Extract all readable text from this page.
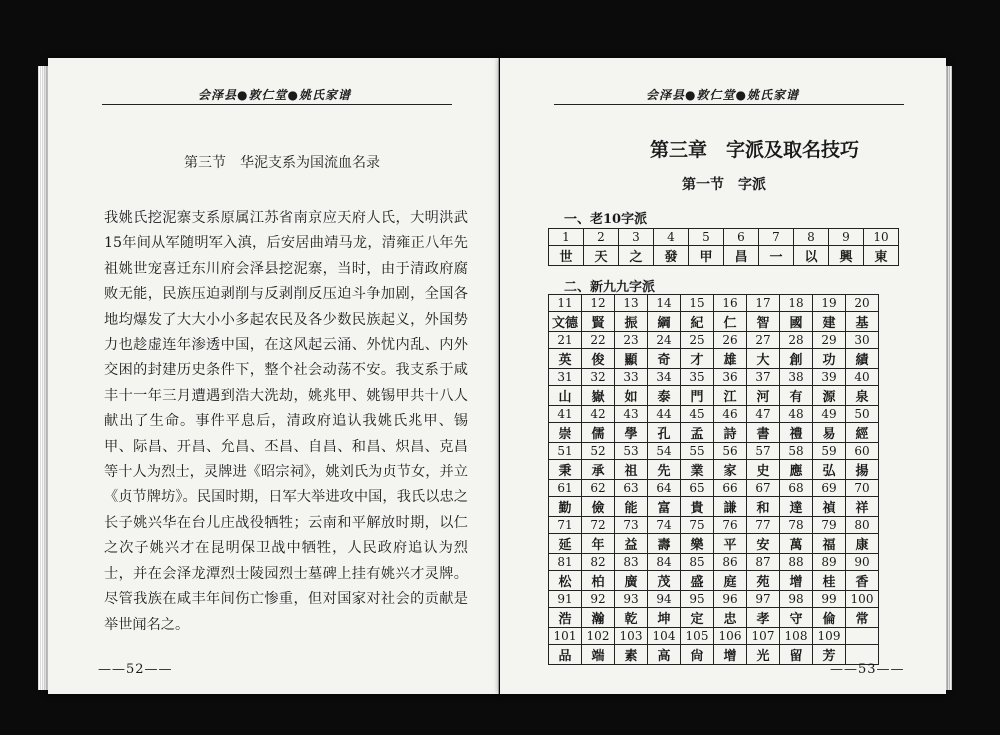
会泽县●敦仁堂●姚氏家谱
第三节　华泥支系为国流血名录

我姚氏挖泥寨支系原属江苏省南京应天府人氏，大明洪武15年间从军随明军入滇，后安居曲靖马龙，清雍正八年先祖姚世宠喜迁东川府会泽县挖泥寨，当时，由于清政府腐败无能，民族压迫剥削与反剥削反压迫斗争加剧，全国各地均爆发了大大小小多起农民及各少数民族起义，外国势力也趁虚连年渗透中国，在这风起云涌、外忧内乱、内外交困的封建历史条件下，整个社会动荡不安。我支系于咸丰十一年三月遭遇到浩大洗劫，姚兆甲、姚锡甲共十八人献出了生命。事件平息后，清政府追认我姚氏兆甲、锡甲、际昌、开昌、允昌、丕昌、自昌、和昌、炽昌、克昌等十人为烈士，灵牌进《昭宗祠》，姚刘氏为贞节女，并立《贞节牌坊》。民国时期，日军大举进攻中国，我氏以忠之长子姚兴华在台儿庄战役牺牲；云南和平解放时期，以仁之次子姚兴才在昆明保卫战中牺牲，人民政府追认为烈士，并在会泽龙潭烈士陵园烈士墓碑上挂有姚兴才灵牌。尽管我族在咸丰年间伤亡惨重，但对国家对社会的贡献是举世闻名之。

——52——
会泽县●敦仁堂●姚氏家谱
第三章　字派及取名技巧
第一节　字派
一、老10字派
1	2	3	4	5	6	7	8	9	10
世	天	之	發	甲	昌	一	以	興	東
二、新九九字派
11	12	13	14	15	16	17	18	19	20
文德	賢	振	綱	紀	仁	智	國	建	基
21	22	23	24	25	26	27	28	29	30
英	俊	顯	奇	才	雄	大	創	功	績
31	32	33	34	35	36	37	38	39	40
山	嶽	如	泰	門	江	河	有	源	泉
41	42	43	44	45	46	47	48	49	50
崇	儒	學	孔	孟	詩	書	禮	易	經
51	52	53	54	55	56	57	58	59	60
秉	承	祖	先	業	家	史	應	弘	揚
61	62	63	64	65	66	67	68	69	70
勤	儉	能	富	貴	謙	和	達	禎	祥
71	72	73	74	75	76	77	78	79	80
延	年	益	壽	樂	平	安	萬	福	康
81	82	83	84	85	86	87	88	89	90
松	柏	廣	茂	盛	庭	苑	增	桂	香
91	92	93	94	95	96	97	98	99	100
浩	瀚	乾	坤	定	忠	孝	守	倫	常
101	102	103	104	105	106	107	108	109	
品	端	素	高	尙	增	光	留	芳	
——53——
